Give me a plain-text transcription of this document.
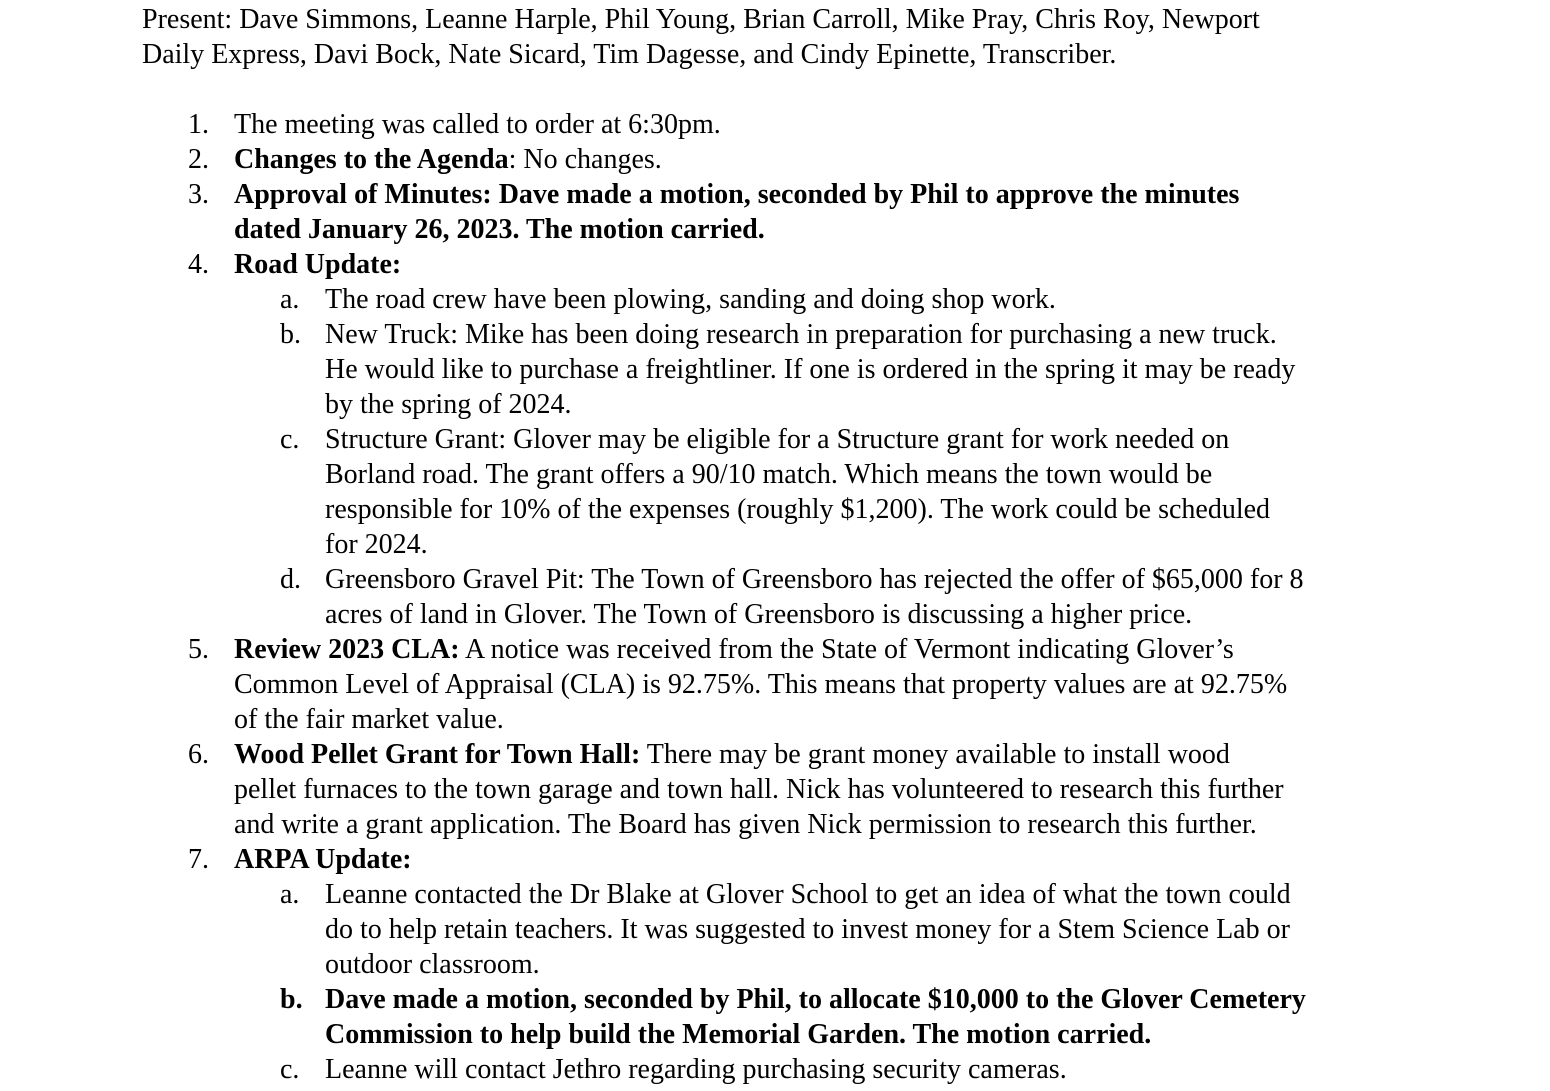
Present: Dave Simmons, Leanne Harple, Phil Young, Brian Carroll, Mike Pray, Chris Roy, Newport

Daily Express, Davi Bock, Nate Sicard, Tim Dagesse, and Cindy Epinette, Transcriber.

1. The meeting was called to order at 6:30pm.
2. Changes to the Agenda: No changes.
3. Approval of Minutes: Dave made a motion, seconded by Phil to approve the minutes
dated January 26, 2023. The motion carried.
4. Road Update:
a. The road crew have been plowing, sanding and doing shop work.
b. New Truck: Mike has been doing research in preparation for purchasing a new truck.
He would like to purchase a freightliner. If one is ordered in the spring it may be ready
by the spring of 2024.
c. Structure Grant: Glover may be eligible for a Structure grant for work needed on
Borland road. The grant offers a 90/10 match. Which means the town would be
responsible for 10% of the expenses (roughly $1,200). The work could be scheduled
for 2024.
d. Greensboro Gravel Pit: The Town of Greensboro has rejected the offer of $65,000 for 8
acres of land in Glover. The Town of Greensboro is discussing a higher price.
5. Review 2023 CLA: A notice was received from the State of Vermont indicating Glover’s
Common Level of Appraisal (CLA) is 92.75%. This means that property values are at 92.75%
of the fair market value.
6. Wood Pellet Grant for Town Hall: There may be grant money available to install wood
pellet furnaces to the town garage and town hall. Nick has volunteered to research this further
and write a grant application. The Board has given Nick permission to research this further.
7. ARPA Update:
a. Leanne contacted the Dr Blake at Glover School to get an idea of what the town could
do to help retain teachers. It was suggested to invest money for a Stem Science Lab or
outdoor classroom.
b. Dave made a motion, seconded by Phil, to allocate $10,000 to the Glover Cemetery
Commission to help build the Memorial Garden. The motion carried.
c. Leanne will contact Jethro regarding purchasing security cameras.
